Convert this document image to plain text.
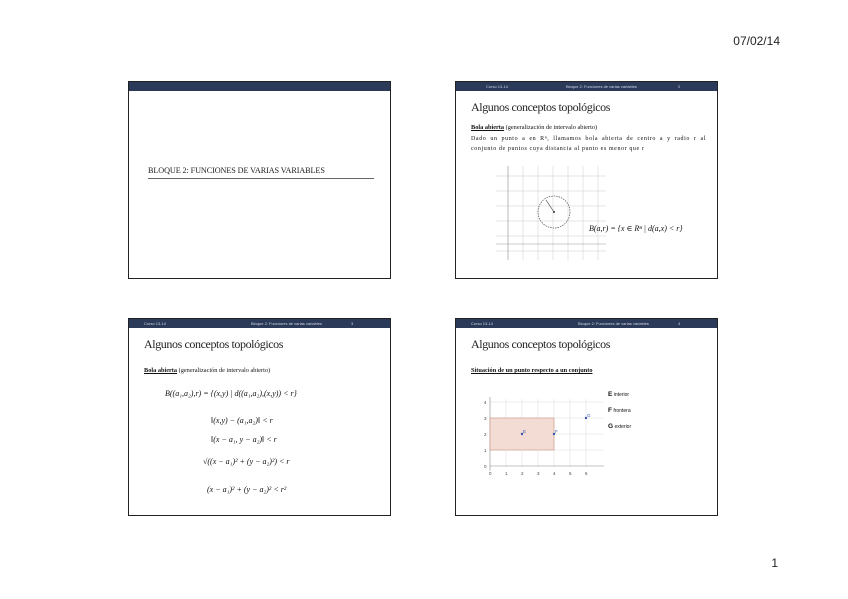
07/02/14
BLOQUE 2: FUNCIONES DE VARIAS VARIABLES
Curso 13-14	Bloque 2: Funciones de varias variables	2
Algunos conceptos topológicos
Bola abierta (generalización de intervalo abierto)
Dado un punto a en Rⁿ, llamamos bola abierta de centro a y radio r al conjunto de puntos cuya distancia al punto es menor que r
B(a,r) = {x ∈ Rⁿ | d(a,x) < r}
Curso 13-14	Bloque 2: Funciones de varias variables	3
Algunos conceptos topológicos
Bola abierta (generalización de intervalo abierto)
B((a₁,a₂),r) = {(x,y) | d((a₁,a₂),(x,y)) < r}
‖(x,y) − (a₁,a₂)‖ < r
‖(x − a₁, y − a₂)‖ < r
√((x − a₁)² + (y − a₂)²) < r
(x − a₁)² + (y − a₂)² < r²
Curso 13-14	Bloque 2: Funciones de varias variables	4
Algunos conceptos topológicos
Situación de un punto respecto a un conjunto
0	1	2	3	4	5	6
0
1
2
3
4
E	F
G
E interior
F frontera
G exterior
1
